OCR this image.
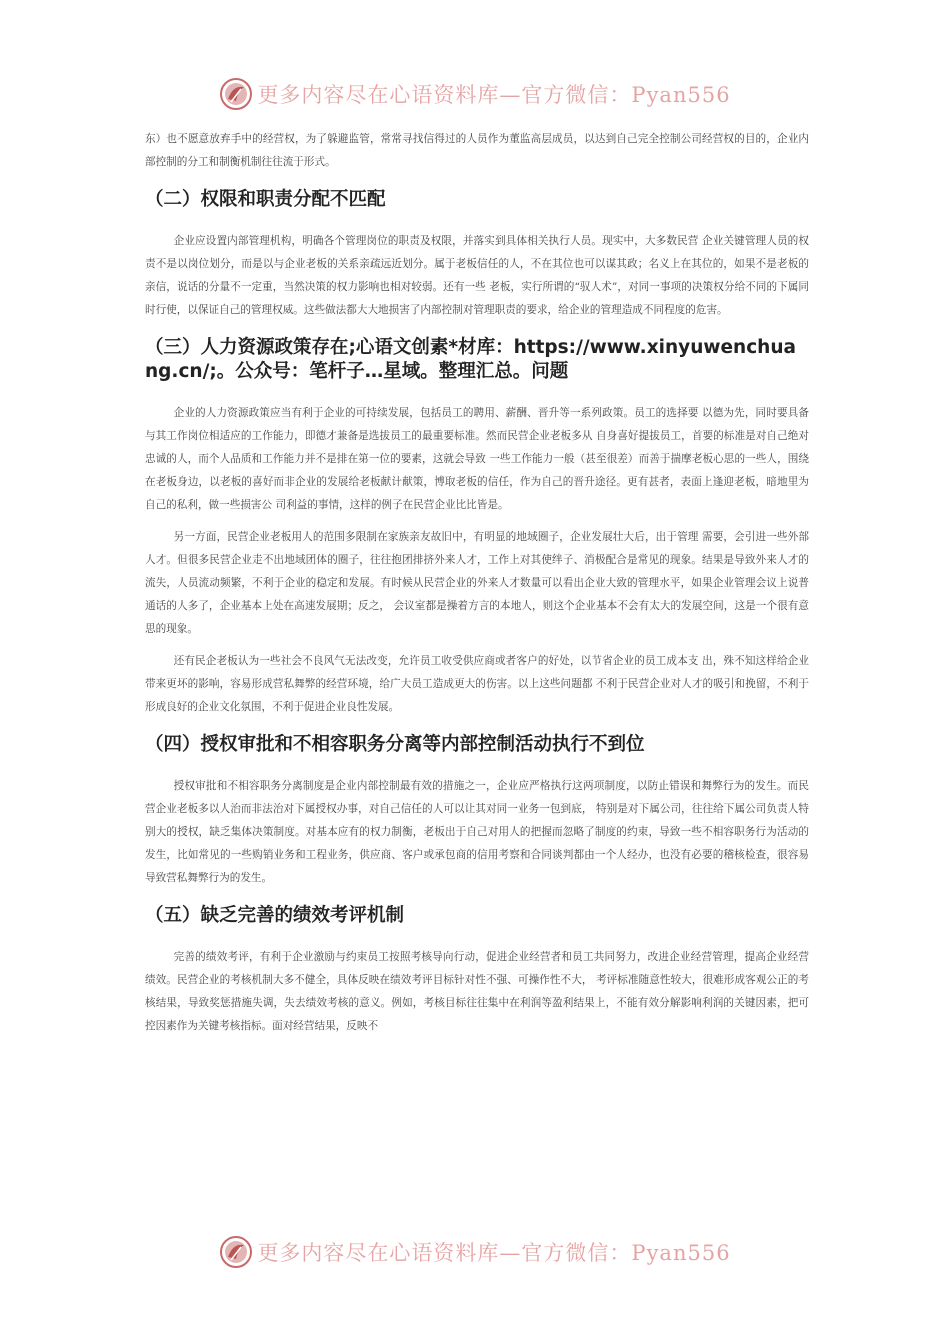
更多内容尽在心语资料库—官方微信：Pyan556

东）也不愿意放弃手中的经营权，为了躲避监管，常常寻找信得过的人员作为董监高层成员，以达到自己完全控制公司经营权的目的，企业内部控制的分工和制衡机制往往流于形式。

（二）权限和职责分配不匹配

企业应设置内部管理机构，明确各个管理岗位的职责及权限，并落实到具体相关执行人员。现实中，大多数民营 企业关键管理人员的权责不是以岗位划分，而是以与企业老板的关系亲疏远近划分。属于老板信任的人，不在其位也可以谋其政；名义上在其位的，如果不是老板的亲信，说话的分量不一定重，当然决策的权力影响也相对较弱。还有一些 老板，实行所谓的“驭人术”，对同一事项的决策权分给不同的下属同时行使，以保证自己的管理权威。这些做法都大大地损害了内部控制对管理职责的要求，给企业的管理造成不同程度的危害。

（三）人力资源政策存在;心语文创素*材库：https://www.xinyuwenchuang.cn/;。公众号：笔杆子…星域。整理汇总。问题

企业的人力资源政策应当有利于企业的可持续发展，包括员工的聘用、薪酬、晋升等一系列政策。员工的选择要 以德为先，同时要具备与其工作岗位相适应的工作能力，即德才兼备是选拔员工的最重要标准。然而民营企业老板多从 自身喜好提拔员工，首要的标准是对自己绝对忠诚的人，而个人品质和工作能力并不是排在第一位的要素，这就会导致 一些工作能力一般（甚至很差）而善于揣摩老板心思的一些人，围绕在老板身边，以老板的喜好而非企业的发展给老板献计献策，博取老板的信任，作为自己的晋升途径。更有甚者，表面上逢迎老板，暗地里为自己的私利，做一些损害公 司利益的事情，这样的例子在民营企业比比皆是。

另一方面，民营企业老板用人的范围多限制在家族亲友故旧中，有明显的地域圈子，企业发展壮大后，出于管理 需要，会引进一些外部人才。但很多民营企业走不出地域团体的圈子，往往抱团排挤外来人才，工作上对其使绊子、消极配合是常见的现象。结果是导致外来人才的流失，人员流动频繁，不利于企业的稳定和发展。有时候从民营企业的外来人才数量可以看出企业大致的管理水平，如果企业管理会议上说普通话的人多了，企业基本上处在高速发展期；反之， 会议室都是操着方言的本地人，则这个企业基本不会有太大的发展空间，这是一个很有意思的现象。

还有民企老板认为一些社会不良风气无法改变，允许员工收受供应商或者客户的好处，以节省企业的员工成本支 出，殊不知这样给企业带来更坏的影响，容易形成营私舞弊的经营环境，给广大员工造成更大的伤害。以上这些问题都 不利于民营企业对人才的吸引和挽留，不利于形成良好的企业文化氛围，不利于促进企业良性发展。

（四）授权审批和不相容职务分离等内部控制活动执行不到位

授权审批和不相容职务分离制度是企业内部控制最有效的措施之一，企业应严格执行这两项制度，以防止错误和舞弊行为的发生。而民营企业老板多以人治而非法治对下属授权办事，对自己信任的人可以让其对同一业务一包到底， 特别是对下属公司，往往给下属公司负责人特别大的授权，缺乏集体决策制度。对基本应有的权力制衡，老板出于自己对用人的把握而忽略了制度的约束，导致一些不相容职务行为活动的发生，比如常见的一些购销业务和工程业务，供应商、客户或承包商的信用考察和合同谈判都由一个人经办，也没有必要的稽核检查，很容易导致营私舞弊行为的发生。

（五）缺乏完善的绩效考评机制

完善的绩效考评，有利于企业激励与约束员工按照考核导向行动，促进企业经营者和员工共同努力，改进企业经营管理，提高企业经营绩效。民营企业的考核机制大多不健全，具体反映在绩效考评目标针对性不强、可操作性不大， 考评标准随意性较大，很难形成客观公正的考核结果，导致奖惩措施失调，失去绩效考核的意义。例如，考核目标往往集中在利润等盈利结果上，不能有效分解影响利润的关键因素，把可控因素作为关键考核指标。面对经营结果，反映不

更多内容尽在心语资料库—官方微信：Pyan556
